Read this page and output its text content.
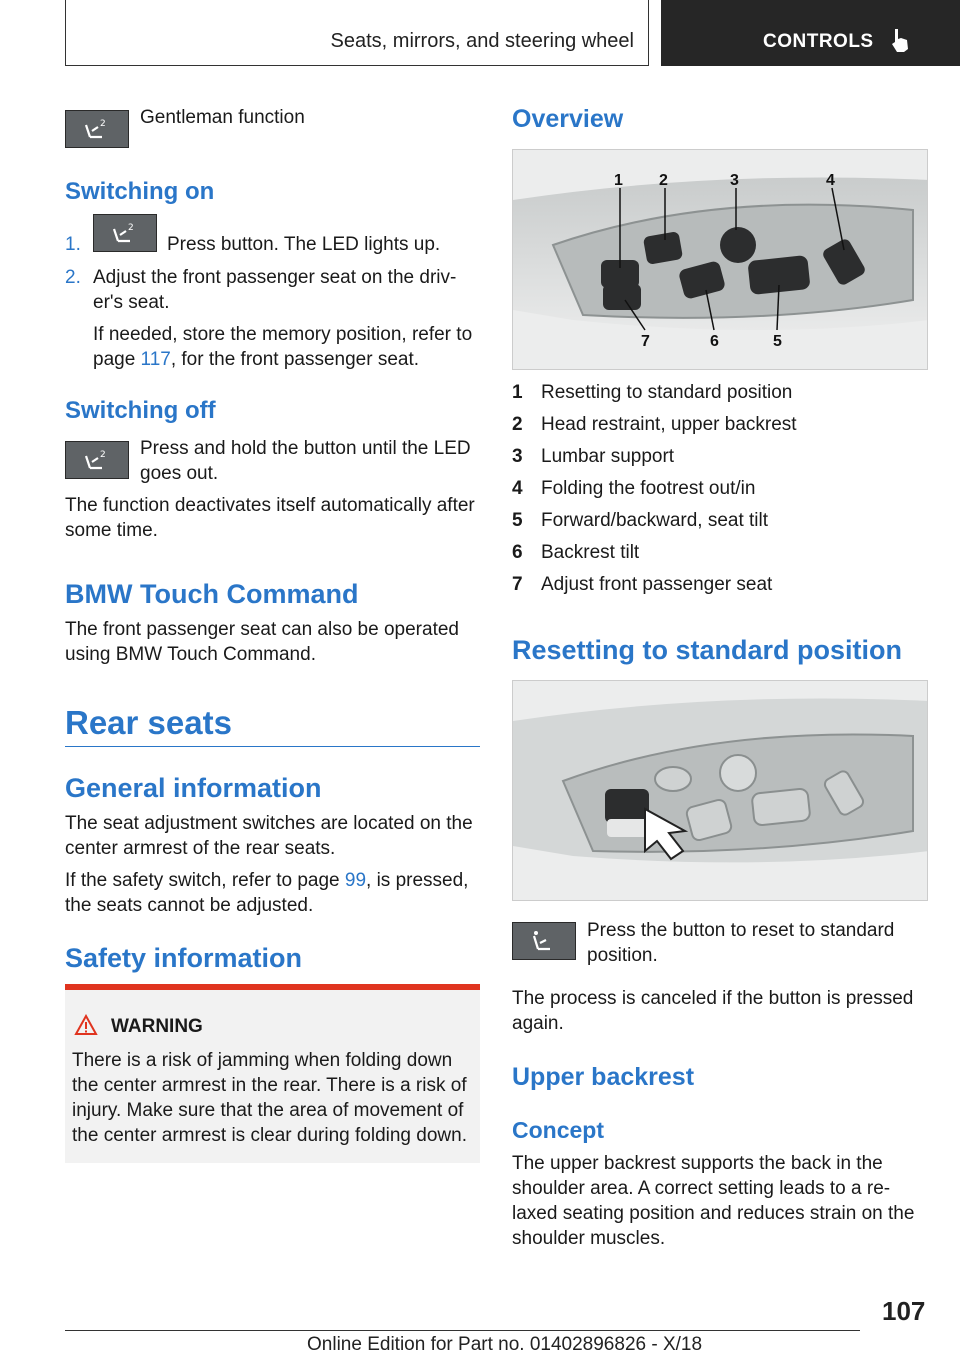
Seats, mirrors, and steering wheel	CONTROLS
2 Gentleman function
Switching on
1.
2
Press button. The LED lights up.
2. Adjust the front passenger seat on the driv-
er's seat.
If needed, store the memory position, refer to
page 117, for the front passenger seat.
Switching off
2 Press and hold the button until the LED
goes out.
The function deactivates itself automatically after
some time.
BMW Touch Command
The front passenger seat can also be operated
using BMW Touch Command.
Rear seats
General information
The seat adjustment switches are located on the
center armrest of the rear seats.
If the safety switch, refer to page 99, is pressed,
the seats cannot be adjusted.
Safety information
WARNING
There is a risk of jamming when folding down
the center armrest in the rear. There is a risk of
injury. Make sure that the area of movement of
the center armrest is clear during folding down.
Overview
1 2	3	4
7	6	5
1 Resetting to standard position
2 Head restraint, upper backrest
3 Lumbar support
4 Folding the footrest out/in
5 Forward/backward, seat tilt
6 Backrest tilt
7 Adjust front passenger seat
Resetting to standard position
Press the button to reset to standard
position.
The process is canceled if the button is pressed
again.
Upper backrest
Concept
The upper backrest supports the back in the
shoulder area. A correct setting leads to a re-
laxed seating position and reduces strain on the
shoulder muscles.
107
Online Edition for Part no. 01402896826 - X/18
